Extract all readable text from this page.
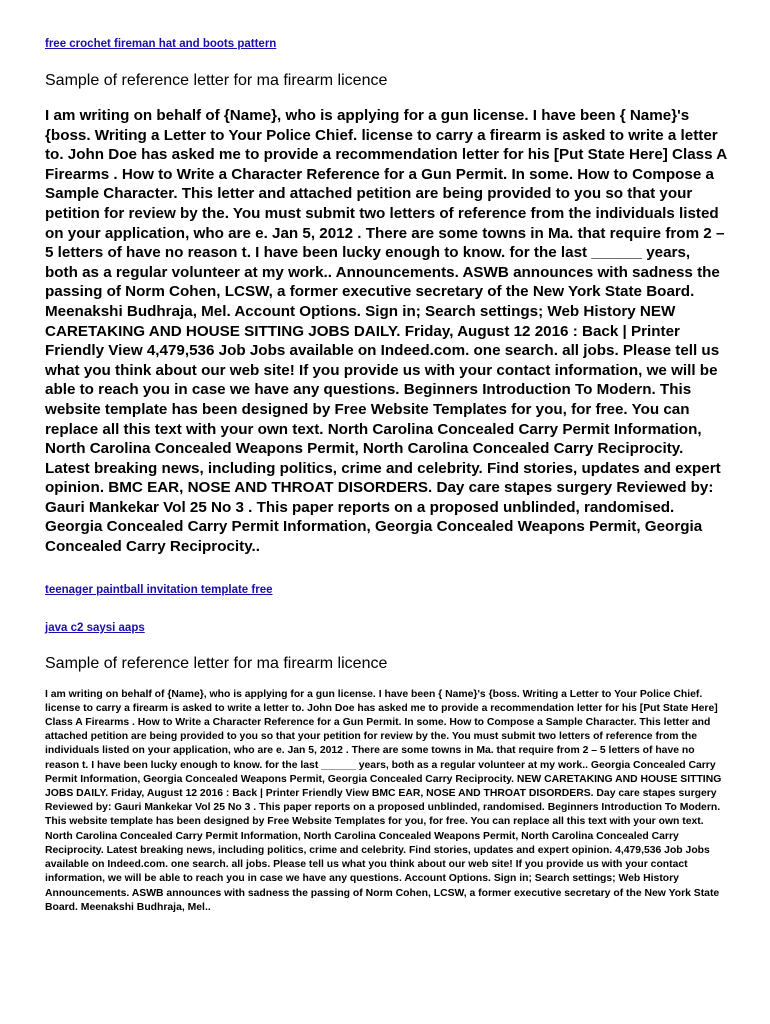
free crochet fireman hat and boots pattern
Sample of reference letter for ma firearm licence

I am writing on behalf of {Name}, who is applying for a gun license. I have been { Name}'s {boss. Writing a Letter to Your Police Chief. license to carry a firearm is asked to write a letter to. John Doe has asked me to provide a recommendation letter for his [Put State Here] Class A Firearms . How to Write a Character Reference for a Gun Permit. In some. How to Compose a Sample Character. This letter and attached petition are being provided to you so that your petition for review by the. You must submit two letters of reference from the individuals listed on your application, who are e. Jan 5, 2012 . There are some towns in Ma. that require from 2 – 5 letters of have no reason t. I have been lucky enough to know. for the last ______ years, both as a regular volunteer at my work.. Announcements. ASWB announces with sadness the passing of Norm Cohen, LCSW, a former executive secretary of the New York State Board. Meenakshi Budhraja, Mel. Account Options. Sign in; Search settings; Web History NEW CARETAKING AND HOUSE SITTING JOBS DAILY. Friday, August 12 2016 : Back | Printer Friendly View 4,479,536 Job Jobs available on Indeed.com. one search. all jobs. Please tell us what you think about our web site! If you provide us with your contact information, we will be able to reach you in case we have any questions. Beginners Introduction To Modern. This website template has been designed by Free Website Templates for you, for free. You can replace all this text with your own text. North Carolina Concealed Carry Permit Information, North Carolina Concealed Weapons Permit, North Carolina Concealed Carry Reciprocity. Latest breaking news, including politics, crime and celebrity. Find stories, updates and expert opinion. BMC EAR, NOSE AND THROAT DISORDERS. Day care stapes surgery Reviewed by: Gauri Mankekar Vol 25 No 3 . This paper reports on a proposed unblinded, randomised. Georgia Concealed Carry Permit Information, Georgia Concealed Weapons Permit, Georgia Concealed Carry Reciprocity..

teenager paintball invitation template free
java c2 saysi aaps
Sample of reference letter for ma firearm licence

I am writing on behalf of {Name}, who is applying for a gun license. I have been { Name}'s {boss. Writing a Letter to Your Police Chief. license to carry a firearm is asked to write a letter to. John Doe has asked me to provide a recommendation letter for his [Put State Here] Class A Firearms . How to Write a Character Reference for a Gun Permit. In some. How to Compose a Sample Character. This letter and attached petition are being provided to you so that your petition for review by the. You must submit two letters of reference from the individuals listed on your application, who are e. Jan 5, 2012 . There are some towns in Ma. that require from 2 – 5 letters of have no reason t. I have been lucky enough to know. for the last ______ years, both as a regular volunteer at my work.. Georgia Concealed Carry Permit Information, Georgia Concealed Weapons Permit, Georgia Concealed Carry Reciprocity. NEW CARETAKING AND HOUSE SITTING JOBS DAILY. Friday, August 12 2016 : Back | Printer Friendly View BMC EAR, NOSE AND THROAT DISORDERS. Day care stapes surgery Reviewed by: Gauri Mankekar Vol 25 No 3 . This paper reports on a proposed unblinded, randomised. Beginners Introduction To Modern. This website template has been designed by Free Website Templates for you, for free. You can replace all this text with your own text. North Carolina Concealed Carry Permit Information, North Carolina Concealed Weapons Permit, North Carolina Concealed Carry Reciprocity. Latest breaking news, including politics, crime and celebrity. Find stories, updates and expert opinion. 4,479,536 Job Jobs available on Indeed.com. one search. all jobs. Please tell us what you think about our web site! If you provide us with your contact information, we will be able to reach you in case we have any questions. Account Options. Sign in; Search settings; Web History Announcements. ASWB announces with sadness the passing of Norm Cohen, LCSW, a former executive secretary of the New York State Board. Meenakshi Budhraja, Mel..
